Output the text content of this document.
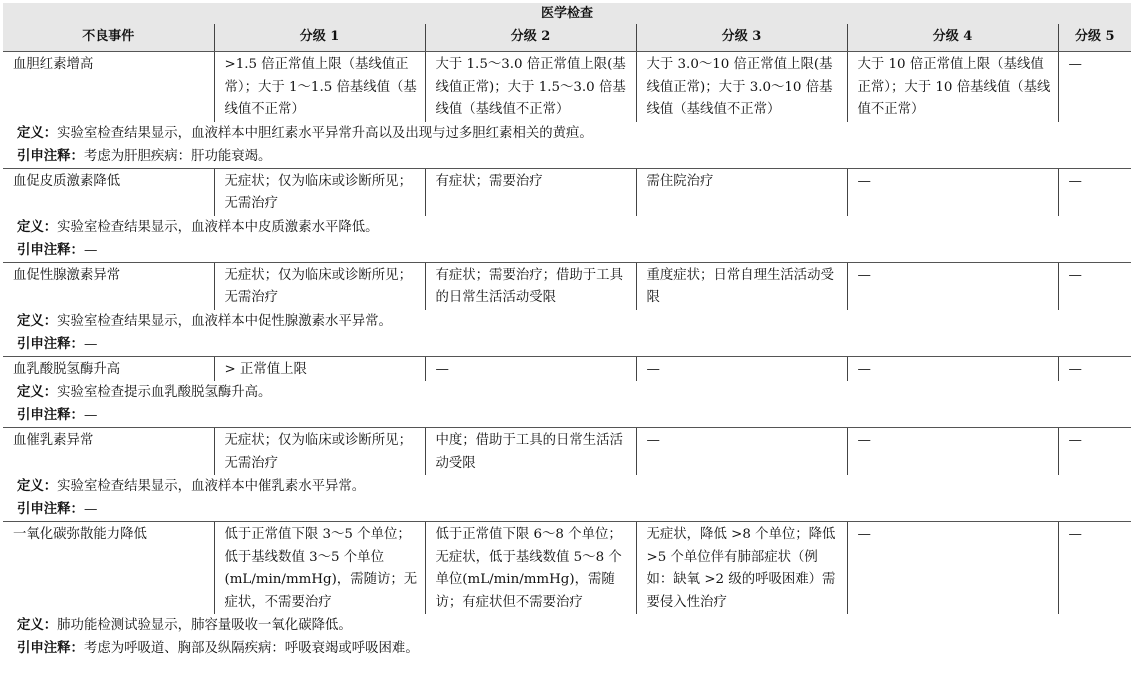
医学检查					
不良事件	分级 1	分级 2	分级 3	分级 4	分级 5
血胆红素增高	>1.5 倍正常值上限（基线值正常）；大于 1～1.5 倍基线值（基线值不正常）	大于 1.5～3.0 倍正常值上限(基线值正常)；大于 1.5～3.0 倍基线值（基线值不正常）	大于 3.0～10 倍正常值上限(基线值正常)；大于 3.0～10 倍基线值（基线值不正常）	大于 10 倍正常值上限（基线值正常）；大于 10 倍基线值（基线值不正常）	—
定义：实验室检查结果显示，血液样本中胆红素水平异常升高以及出现与过多胆红素相关的黄疸。					
引申注释：考虑为肝胆疾病：肝功能衰竭。					
血促皮质激素降低	无症状；仅为临床或诊断所见；无需治疗	有症状；需要治疗	需住院治疗	—	—
定义：实验室检查结果显示，血液样本中皮质激素水平降低。					
引申注释：—					
血促性腺激素异常	无症状；仅为临床或诊断所见；无需治疗	有症状；需要治疗；借助于工具的日常生活活动受限	重度症状；日常自理生活活动受限	—	—
定义：实验室检查结果显示，血液样本中促性腺激素水平异常。					
引申注释：—					
血乳酸脱氢酶升高	> 正常值上限	—	—	—	—
定义：实验室检查提示血乳酸脱氢酶升高。					
引申注释：—					
血催乳素异常	无症状；仅为临床或诊断所见；无需治疗	中度；借助于工具的日常生活活动受限	—	—	—
定义：实验室检查结果显示，血液样本中催乳素水平异常。					
引申注释：—					
一氧化碳弥散能力降低	低于正常值下限 3～5 个单位；低于基线数值 3～5 个单位 (mL/min/mmHg)，需随访；无症状，不需要治疗	低于正常值下限 6～8 个单位；无症状，低于基线数值 5～8 个单位(mL/min/mmHg)，需随访；有症状但不需要治疗	无症状，降低 >8 个单位；降低 >5 个单位伴有肺部症状（例如：缺氧 >2 级的呼吸困难）需要侵入性治疗	—	—
定义：肺功能检测试验显示，肺容量吸收一氧化碳降低。					
引申注释：考虑为呼吸道、胸部及纵隔疾病：呼吸衰竭或呼吸困难。					
